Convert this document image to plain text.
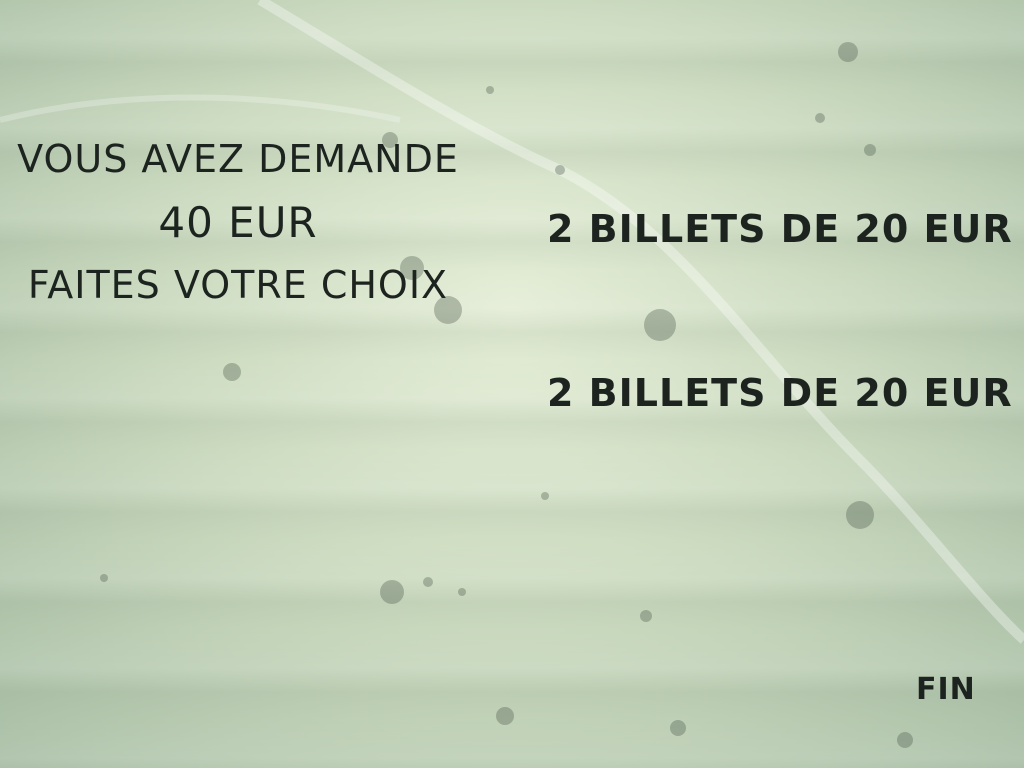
VOUS AVEZ DEMANDE
40 EUR
FAITES VOTRE CHOIX
2 BILLETS DE 20 EUR
2 BILLETS DE 20 EUR
FIN
